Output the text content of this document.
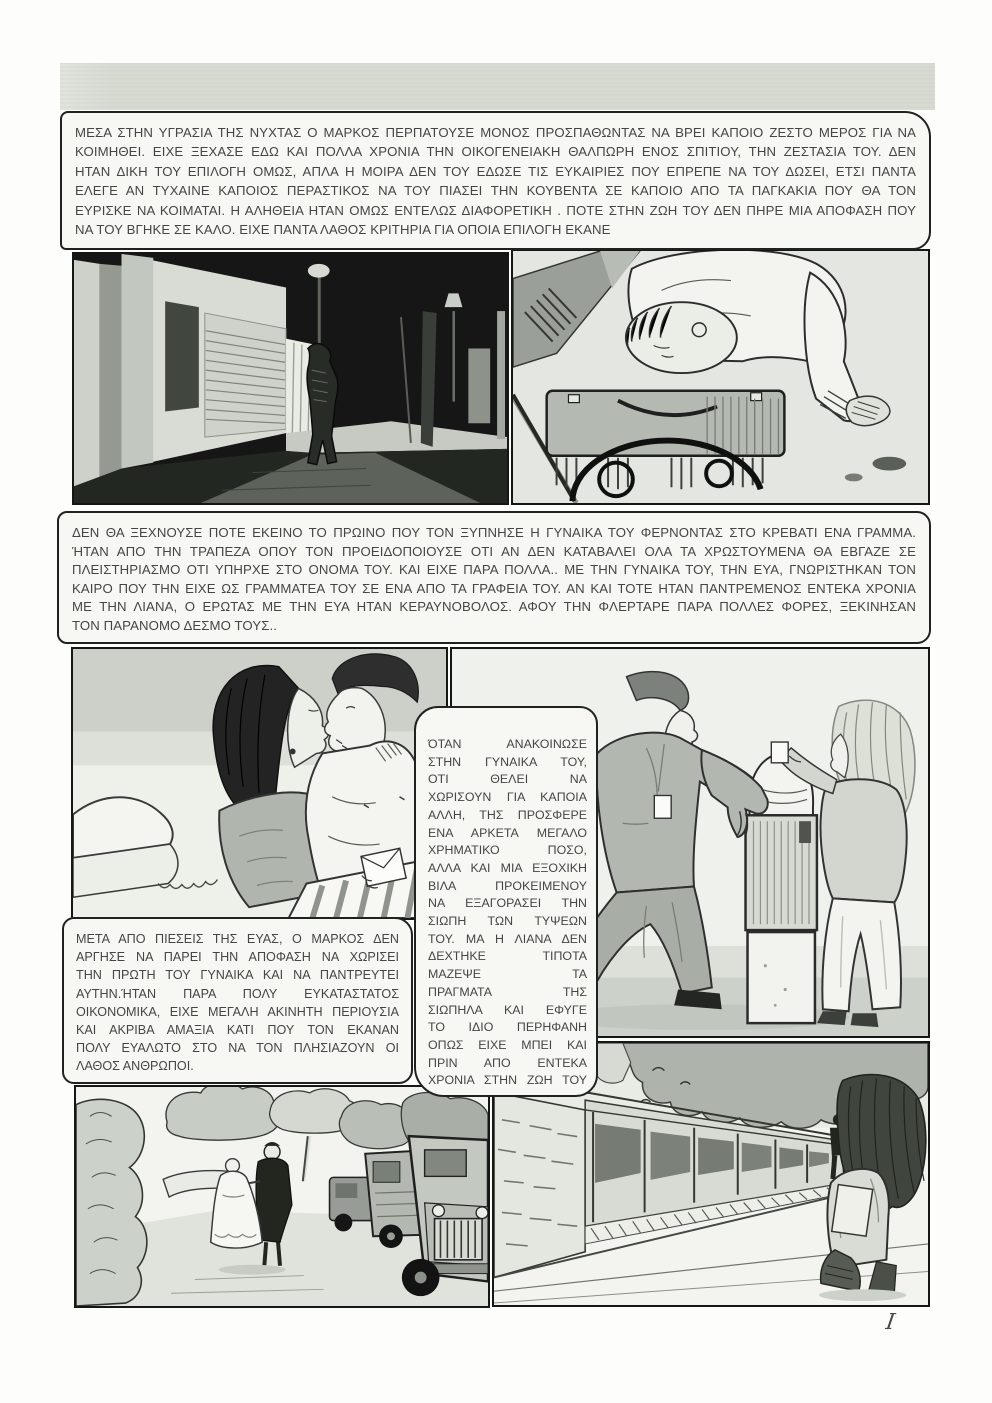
ΜΕΣΑ ΣΤΗΝ ΥΓΡΑΣΙΑ ΤΗΣ ΝΥΧΤΑΣ Ο ΜΑΡΚΟΣ ΠΕΡΠΑΤΟΥΣΕ ΜΟΝΟΣ ΠΡΟΣΠΑΘΩΝΤΑΣ ΝΑ ΒΡΕΙ ΚΑΠΟΙΟ ΖΕΣΤΟ ΜΕΡΟΣ ΓΙΑ ΝΑ
ΚΟΙΜΗΘΕΙ. ΕΙΧΕ ΞΕΧΑΣΕ ΕΔΩ ΚΑΙ ΠΟΛΛΑ ΧΡΟΝΙΑ ΤΗΝ ΟΙΚΟΓΕΝΕΙΑΚΗ ΘΑΛΠΩΡΗ ΕΝΟΣ ΣΠΙΤΙΟΥ, ΤΗΝ ΖΕΣΤΑΣΙΑ ΤΟΥ. ΔΕΝ
ΗΤΑΝ ΔΙΚΗ ΤΟΥ ΕΠΙΛΟΓΗ ΟΜΩΣ, ΑΠΛΑ Η ΜΟΙΡΑ ΔΕΝ ΤΟΥ ΕΔΩΣΕ ΤΙΣ ΕΥΚΑΙΡΙΕΣ ΠΟΥ ΕΠΡΕΠΕ ΝΑ ΤΟΥ ΔΩΣΕΙ, ΕΤΣΙ ΠΑΝΤΑ
ΕΛΕΓΕ ΑΝ ΤΥΧΑΙΝΕ ΚΑΠΟΙΟΣ ΠΕΡΑΣΤΙΚΟΣ ΝΑ ΤΟΥ ΠΙΑΣΕΙ ΤΗΝ ΚΟΥΒΕΝΤΑ ΣΕ ΚΑΠΟΙΟ ΑΠΟ ΤΑ ΠΑΓΚΑΚΙΑ ΠΟΥ ΘΑ ΤΟΝ
ΕΥΡΙΣΚΕ ΝΑ ΚΟΙΜΑΤΑΙ. Η ΑΛΗΘΕΙΑ ΗΤΑΝ ΟΜΩΣ ΕΝΤΕΛΩΣ ΔΙΑΦΟΡΕΤΙΚΗ . ΠΟΤΕ ΣΤΗΝ ΖΩΗ ΤΟΥ ΔΕΝ ΠΗΡΕ ΜΙΑ ΑΠΟΦΑΣΗ ΠΟΥ
ΝΑ ΤΟΥ ΒΓΗΚΕ ΣΕ ΚΑΛΟ. ΕΙΧΕ ΠΑΝΤΑ ΛΑΘΟΣ ΚΡΙΤΗΡΙΑ ΓΙΑ ΟΠΟΙΑ ΕΠΙΛΟΓΗ ΕΚΑΝΕ
ΔΕΝ ΘΑ ΞΕΧΝΟΥΣΕ ΠΟΤΕ ΕΚΕΙΝΟ ΤΟ ΠΡΩΙΝΟ ΠΟΥ ΤΟΝ ΞΥΠΝΗΣΕ Η ΓΥΝΑΙΚΑ ΤΟΥ ΦΕΡΝΟΝΤΑΣ ΣΤΟ ΚΡΕΒΑΤΙ ΕΝΑ ΓΡΑΜΜΑ.
ΉΤΑΝ ΑΠΟ ΤΗΝ ΤΡΑΠΕΖΑ ΟΠΟΥ ΤΟΝ ΠΡΟΕΙΔΟΠΟΙΟΥΣΕ ΟΤΙ ΑΝ ΔΕΝ ΚΑΤΑΒΑΛΕΙ ΟΛΑ ΤΑ ΧΡΩΣΤΟΥΜΕΝΑ ΘΑ ΕΒΓΑΖΕ ΣΕ
ΠΛΕΙΣΤΗΡΙΑΣΜΟ ΟΤΙ ΥΠΗΡΧΕ ΣΤΟ ΟΝΟΜΑ ΤΟΥ. ΚΑΙ ΕΙΧΕ ΠΑΡΑ ΠΟΛΛΑ.. ΜΕ ΤΗΝ ΓΥΝΑΙΚΑ ΤΟΥ, ΤΗΝ ΕΥΑ, ΓΝΩΡΙΣΤΗΚΑΝ ΤΟΝ
ΚΑΙΡΟ ΠΟΥ ΤΗΝ ΕΙΧΕ ΩΣ ΓΡΑΜΜΑΤΕΑ ΤΟΥ ΣΕ ΕΝΑ ΑΠΟ ΤΑ ΓΡΑΦΕΙΑ ΤΟΥ. ΑΝ ΚΑΙ ΤΟΤΕ ΗΤΑΝ ΠΑΝΤΡΕΜΕΝΟΣ ΕΝΤΕΚΑ ΧΡΟΝΙΑ
ΜΕ ΤΗΝ ΛΙΑΝΑ, Ο ΕΡΩΤΑΣ ΜΕ ΤΗΝ ΕΥΑ ΗΤΑΝ ΚΕΡΑΥΝΟΒΟΛΟΣ. ΑΦΟΥ ΤΗΝ ΦΛΕΡΤΑΡΕ ΠΑΡΑ ΠΟΛΛΕΣ ΦΟΡΕΣ, ΞΕΚΙΝΗΣΑΝ
ΤΟΝ ΠΑΡΑΝΟΜΟ ΔΕΣΜΟ ΤΟΥΣ..
ΜΕΤΑ ΑΠΟ ΠΙΕΣΕΙΣ ΤΗΣ ΕΥΑΣ, Ο ΜΑΡΚΟΣ ΔΕΝ
ΑΡΓΗΣΕ ΝΑ ΠΑΡΕΙ ΤΗΝ ΑΠΟΦΑΣΗ ΝΑ ΧΩΡΙΣΕΙ
ΤΗΝ ΠΡΩΤΗ ΤΟΥ ΓΥΝΑΙΚΑ ΚΑΙ ΝΑ ΠΑΝΤΡΕΥΤΕΙ
ΑΥΤΗΝ.ΉΤΑΝ ΠΑΡΑ ΠΟΛΥ ΕΥΚΑΤΑΣΤΑΤΟΣ
ΟΙΚΟΝΟΜΙΚΑ, ΕΙΧΕ ΜΕΓΑΛΗ ΑΚΙΝΗΤΗ ΠΕΡΙΟΥΣΙΑ
ΚΑΙ ΑΚΡΙΒΑ ΑΜΑΞΙΑ ΚΑΤΙ ΠΟΥ ΤΟΝ ΕΚΑΝΑΝ
ΠΟΛΥ ΕΥΑΛΩΤΟ ΣΤΟ ΝΑ ΤΟΝ ΠΛΗΣΙΑΖΟΥΝ ΟΙ
ΛΑΘΟΣ ΑΝΘΡΩΠΟΙ.
ΌΤΑΝ ΑΝΑΚΟΙΝΩΣΕ
ΣΤΗΝ ΓΥΝΑΙΚΑ ΤΟΥ,
ΟΤΙ ΘΕΛΕΙ ΝΑ
ΧΩΡΙΣΟΥΝ ΓΙΑ ΚΑΠΟΙΑ
ΑΛΛΗ, ΤΗΣ ΠΡΟΣΦΕΡΕ
ΕΝΑ ΑΡΚΕΤΑ ΜΕΓΑΛΟ
ΧΡΗΜΑΤΙΚΟ ΠΟΣΟ,
ΑΛΛΑ ΚΑΙ ΜΙΑ ΕΞΟΧΙΚΗ
ΒΙΛΑ ΠΡΟΚΕΙΜΕΝΟΥ
ΝΑ ΕΞΑΓΟΡΑΣΕΙ ΤΗΝ
ΣΙΩΠΗ ΤΩΝ ΤΥΨΕΩΝ
ΤΟΥ. ΜΑ Η ΛΙΑΝΑ ΔΕΝ
ΔΕΧΤΗΚΕ ΤΙΠΟΤΑ
ΜΑΖΕΨΕ ΤΑ
ΠΡΑΓΜΑΤΑ ΤΗΣ
ΣΙΩΠΗΛΑ ΚΑΙ ΕΦΥΓΕ
ΤΟ ΙΔΙΟ ΠΕΡΗΦΑΝΗ
ΟΠΩΣ ΕΙΧΕ ΜΠΕΙ ΚΑΙ
ΠΡΙΝ ΑΠΟ ΕΝΤΕΚΑ
ΧΡΟΝΙΑ ΣΤΗΝ ΖΩΗ ΤΟΥ
I
